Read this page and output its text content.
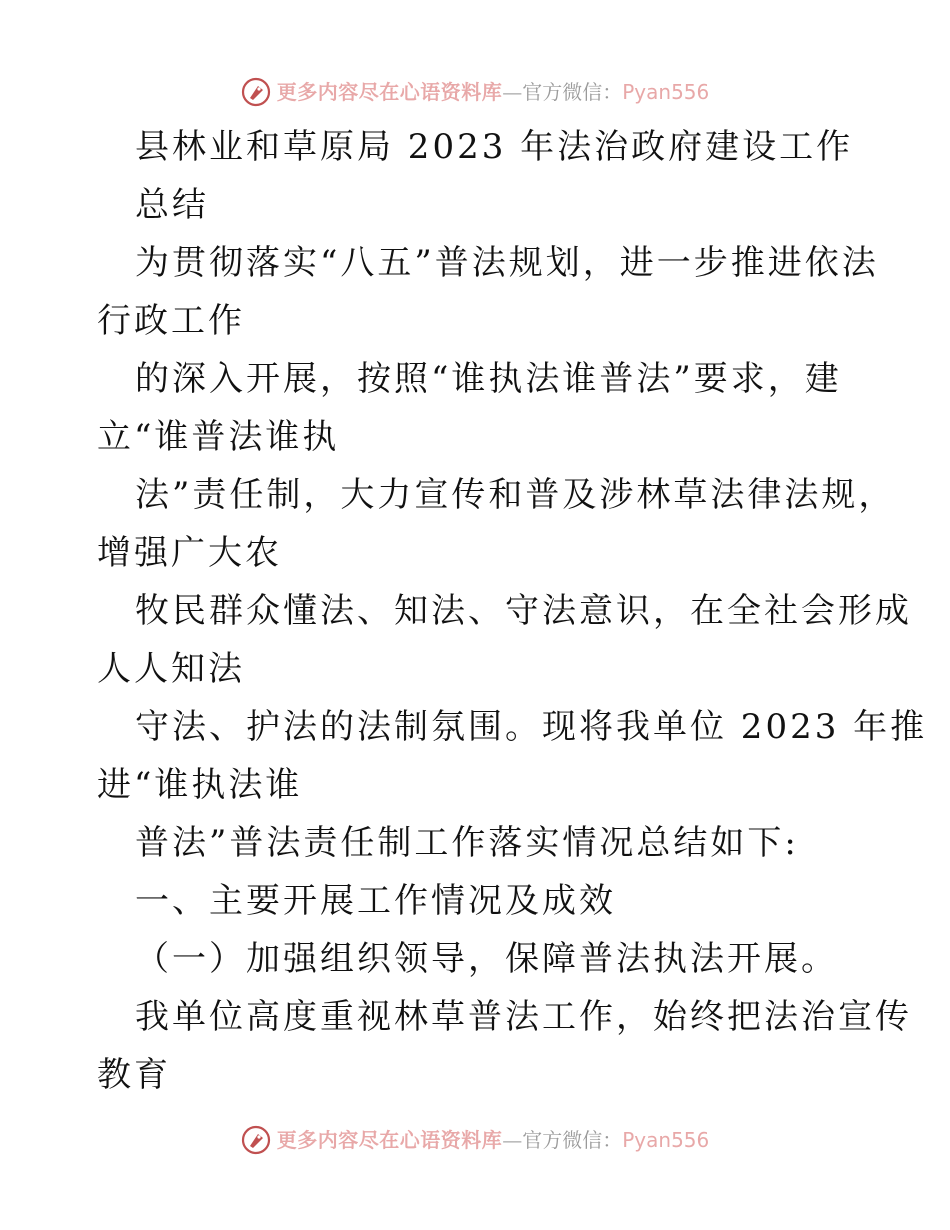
更多内容尽在心语资料库 — 官方微信： Pyan556
县林业和草原局 2023 年法治政府建设工作
总结
为贯彻落实“八五”普法规划，进一步推进依法
行政工作
的深入开展，按照“谁执法谁普法”要求，建
立“谁普法谁执
法”责任制，大力宣传和普及涉林草法律法规，
增强广大农
牧民群众懂法、知法、守法意识，在全社会形成
人人知法
守法、护法的法制氛围。现将我单位 2023 年推
进“谁执法谁
普法”普法责任制工作落实情况总结如下:
一、主要开展工作情况及成效
（一）加强组织领导，保障普法执法开展。
我单位高度重视林草普法工作，始终把法治宣传
教育
更多内容尽在心语资料库 — 官方微信： Pyan556
